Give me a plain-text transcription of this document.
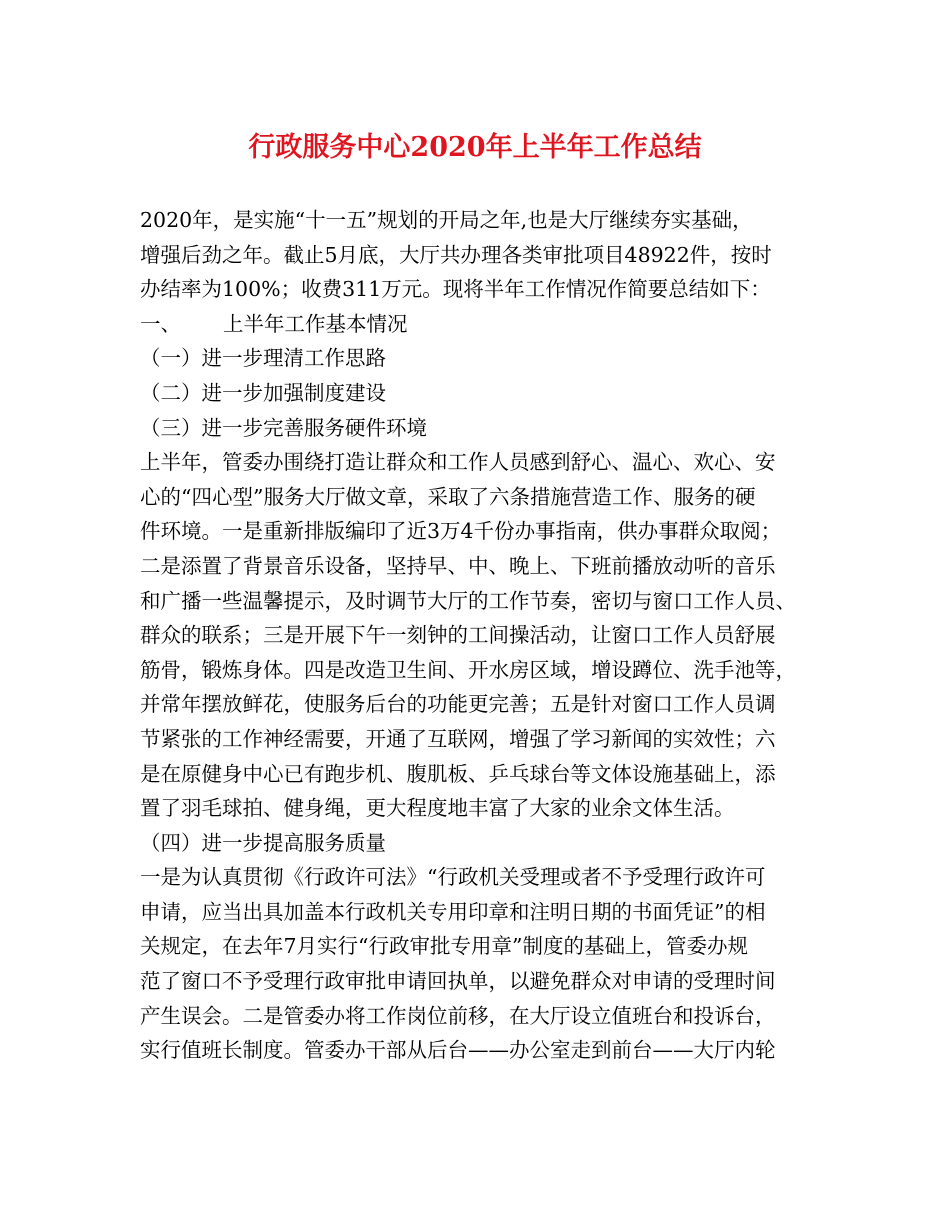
行政服务中心2020年上半年工作总结
2020年，是实施“十一五”规划的开局之年,也是大厅继续夯实基础，
增强后劲之年。截止5月底，大厅共办理各类审批项目48922件，按时
办结率为100%；收费311万元。现将半年工作情况作简要总结如下：
一、 上半年工作基本情况
（一）进一步理清工作思路
（二）进一步加强制度建设
（三）进一步完善服务硬件环境
上半年，管委办围绕打造让群众和工作人员感到舒心、温心、欢心、安
心的“四心型”服务大厅做文章，采取了六条措施营造工作、服务的硬
件环境。一是重新排版编印了近3万4千份办事指南，供办事群众取阅；
二是添置了背景音乐设备，坚持早、中、晚上、下班前播放动听的音乐
和广播一些温馨提示，及时调节大厅的工作节奏，密切与窗口工作人员、
群众的联系；三是开展下午一刻钟的工间操活动，让窗口工作人员舒展
筋骨，锻炼身体。四是改造卫生间、开水房区域，增设蹲位、洗手池等，
并常年摆放鲜花，使服务后台的功能更完善；五是针对窗口工作人员调
节紧张的工作神经需要，开通了互联网，增强了学习新闻的实效性；六
是在原健身中心已有跑步机、腹肌板、乒乓球台等文体设施基础上，添
置了羽毛球拍、健身绳，更大程度地丰富了大家的业余文体生活。
（四）进一步提高服务质量
一是为认真贯彻《行政许可法》“行政机关受理或者不予受理行政许可
申请，应当出具加盖本行政机关专用印章和注明日期的书面凭证”的相
关规定，在去年7月实行“行政审批专用章”制度的基础上，管委办规
范了窗口不予受理行政审批申请回执单，以避免群众对申请的受理时间
产生误会。二是管委办将工作岗位前移，在大厅设立值班台和投诉台，
实行值班长制度。管委办干部从后台——办公室走到前台——大厅内轮
